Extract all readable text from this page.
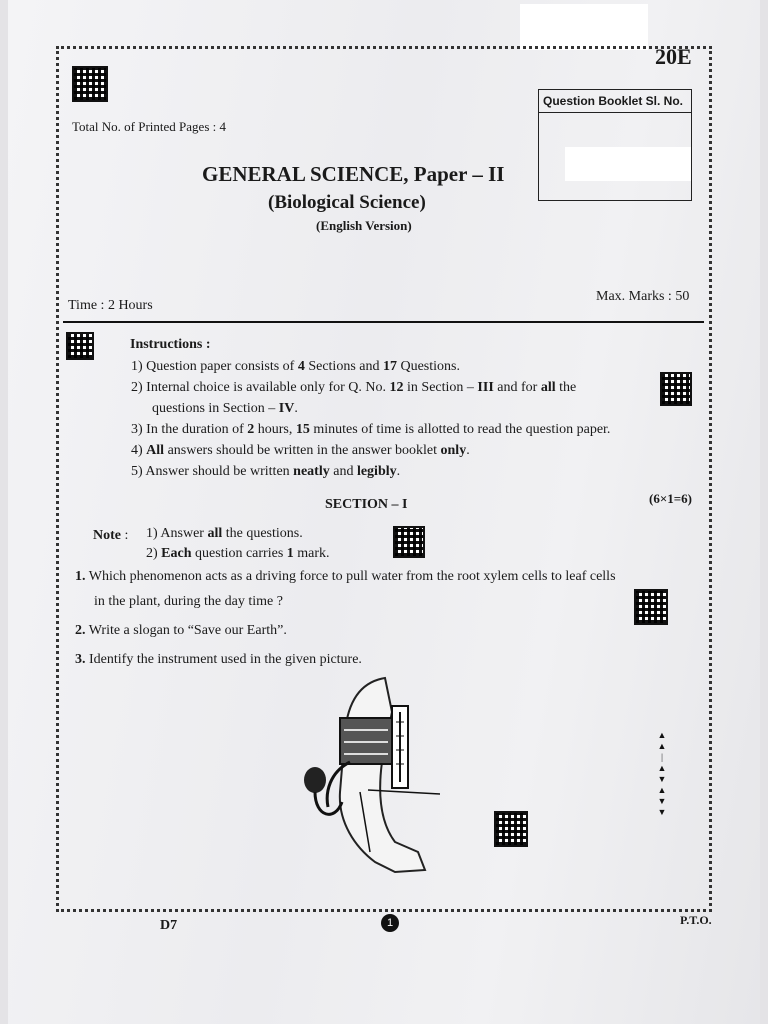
20E
Total No. of Printed Pages : 4
Question Booklet Sl. No.
GENERAL SCIENCE, Paper – II
(Biological Science)
(English Version)
Time : 2 Hours
Max. Marks : 50
Instructions :
1) Question paper consists of 4 Sections and 17 Questions.
2) Internal choice is available only for Q. No. 12 in Section – III and for all the
questions in Section – IV.
3) In the duration of 2 hours, 15 minutes of time is allotted to read the question paper.
4) All answers should be written in the answer booklet only.
5) Answer should be written neatly and legibly.
SECTION – I	(6×1=6)
Note : 1) Answer all the questions.
2) Each question carries 1 mark.
1. Which phenomenon acts as a driving force to pull water from the root xylem cells to leaf cells
in the plant, during the day time ?
2. Write a slogan to “Save our Earth”.
3. Identify the instrument used in the given picture.
▲
▲
|
▲
▼
▲
▼
▼
D7	1	P.T.O.
